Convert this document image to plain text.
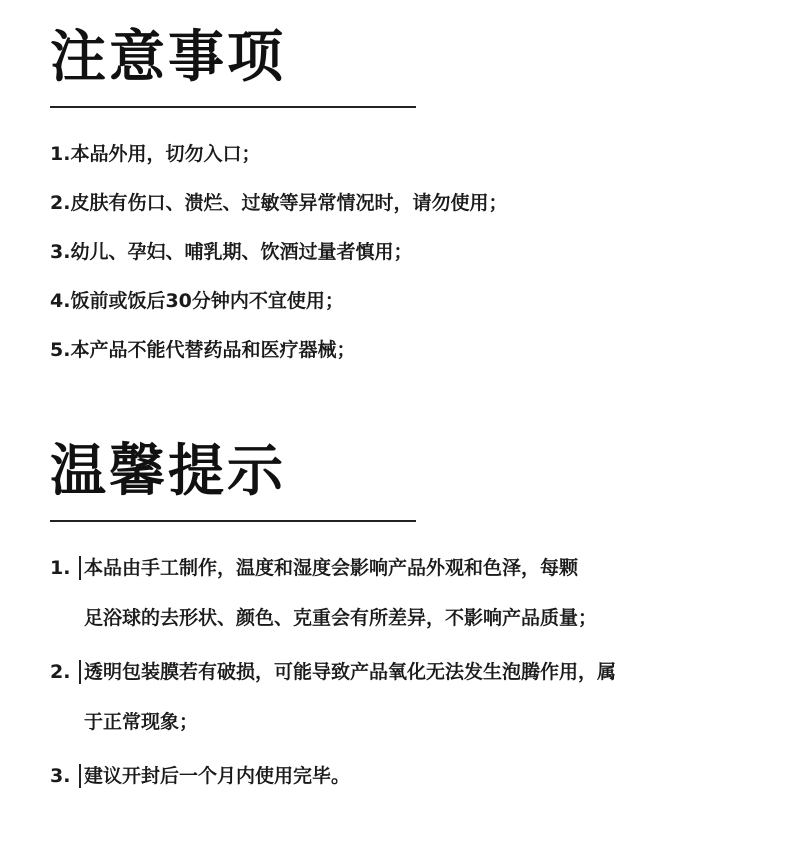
注意事项

1.本品外用，切勿入口；

2.皮肤有伤口、溃烂、过敏等异常情况时，请勿使用；

3.幼儿、孕妇、哺乳期、饮酒过量者慎用；

4.饭前或饭后30分钟内不宜使用；

5.本产品不能代替药品和医疗器械；

温馨提示
1. 本品由手工制作，温度和湿度会影响产品外观和色泽，每颗
足浴球的去形状、颜色、克重会有所差异，不影响产品质量；
2. 透明包装膜若有破损，可能导致产品氧化无法发生泡腾作用，属
于正常现象；
3. 建议开封后一个月内使用完毕。
